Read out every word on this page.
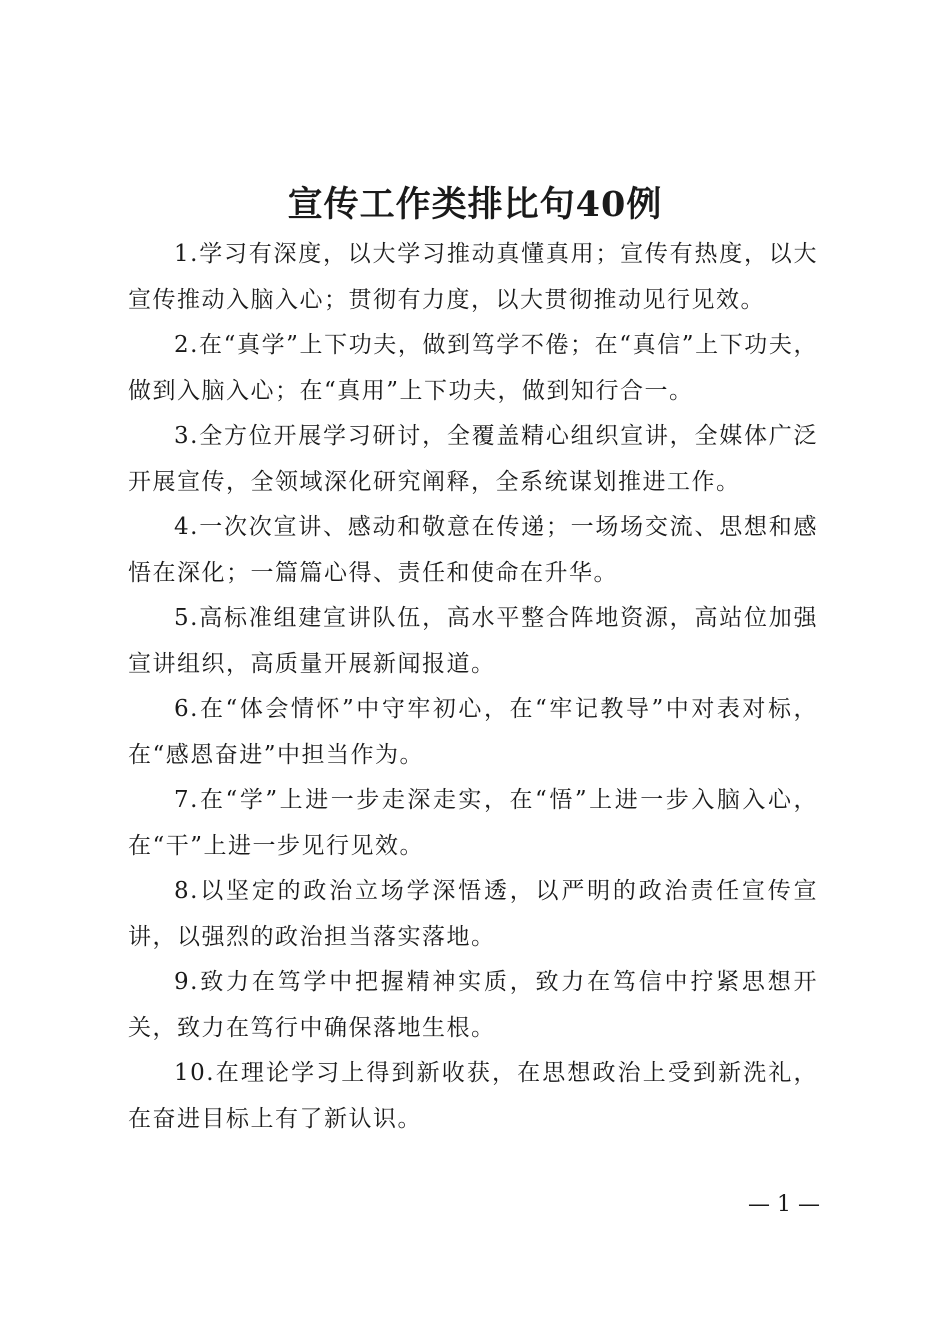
宣传工作类排比句40例

1.学习有深度，以大学习推动真懂真用；宣传有热度，以大宣传推动入脑入心；贯彻有力度，以大贯彻推动见行见效。

2.在“真学”上下功夫，做到笃学不倦；在“真信”上下功夫，做到入脑入心；在“真用”上下功夫，做到知行合一。

3.全方位开展学习研讨，全覆盖精心组织宣讲，全媒体广泛开展宣传，全领域深化研究阐释，全系统谋划推进工作。

4.一次次宣讲、感动和敬意在传递；一场场交流、思想和感悟在深化；一篇篇心得、责任和使命在升华。

5.高标准组建宣讲队伍，高水平整合阵地资源，高站位加强宣讲组织，高质量开展新闻报道。

6.在“体会情怀”中守牢初心，在“牢记教导”中对表对标，在“感恩奋进”中担当作为。

7.在“学”上进一步走深走实，在“悟”上进一步入脑入心，在“干”上进一步见行见效。

8.以坚定的政治立场学深悟透，以严明的政治责任宣传宣讲，以强烈的政治担当落实落地。

9.致力在笃学中把握精神实质，致力在笃信中拧紧思想开关，致力在笃行中确保落地生根。

10.在理论学习上得到新收获，在思想政治上受到新洗礼，在奋进目标上有了新认识。

— 1 —
